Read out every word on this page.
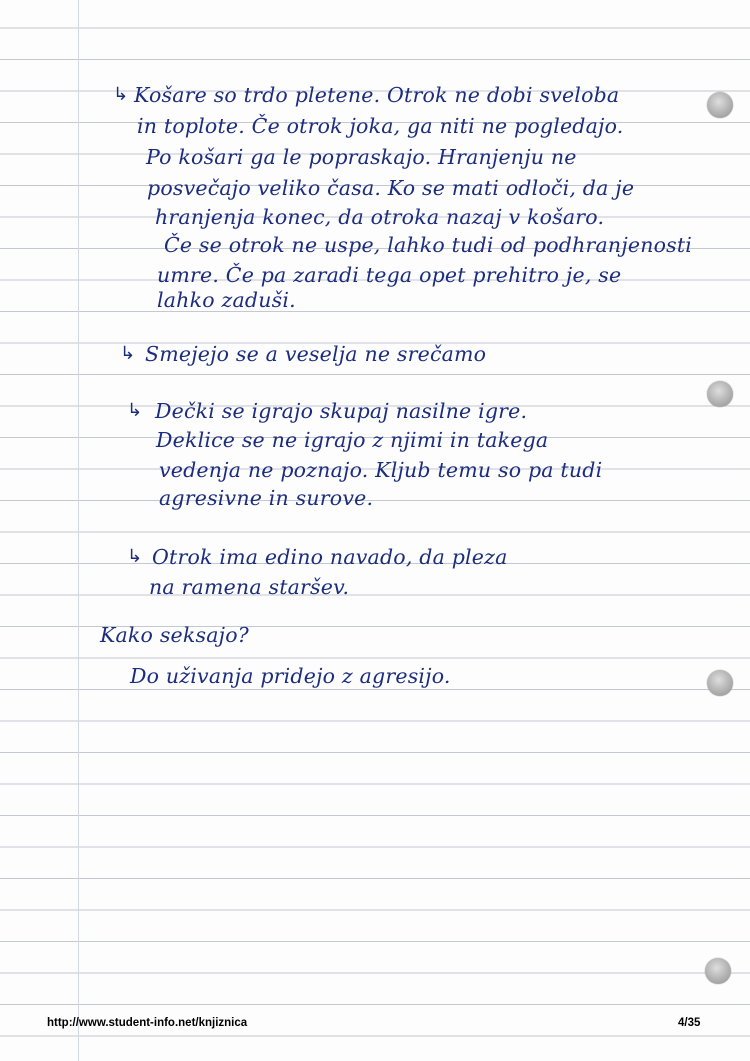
↳ Košare so trdo pletene. Otrok ne dobi sveloba
in toplote. Če otrok joka, ga niti ne pogledajo.
Po košari ga le popraskajo. Hranjenju ne
posvečajo veliko časa. Ko se mati odloči, da je
hranjenja konec, da otroka nazaj v košaro.
Če se otrok ne uspe, lahko tudi od podhranjenosti
umre. Če pa zaradi tega opet prehitro je, se
lahko zaduši.
↳ Smejejo se a veselja ne srečamo
↳ Dečki se igrajo skupaj nasilne igre.
Deklice se ne igrajo z njimi in takega
vedenja ne poznajo. Kljub temu so pa tudi
agresivne in surove.
↳ Otrok ima edino navado, da pleza
na ramena staršev.
Kako seksajo?
Do uživanja pridejo z agresijo.
http://www.student-info.net/knjiznica	4/35
